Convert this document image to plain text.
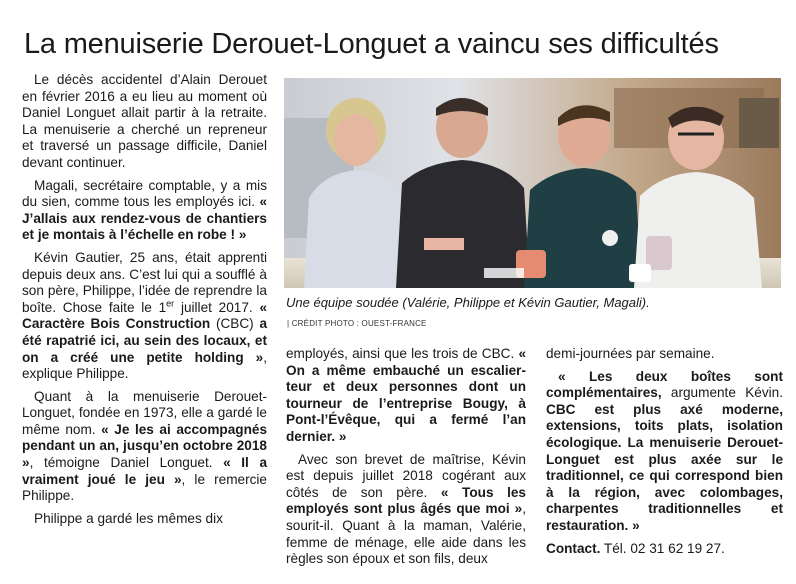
La menuiserie Derouet-Longuet a vaincu ses difficultés

Le décès accidentel d’Alain Derouet en février 2016 a eu lieu au moment où Daniel Longuet allait partir à la retraite. La menuiserie a cherché un repreneur et traversé un passage difficile, Daniel devant continuer.

Magali, secrétaire comptable, y a mis du sien, comme tous les employés ici. « J’allais aux rendez-vous de chantiers et je montais à l’échelle en robe ! »

Kévin Gautier, 25 ans, était apprenti depuis deux ans. C’est lui qui a soufflé à son père, Philippe, l’idée de reprendre la boîte. Chose faite le 1er juillet 2017. « Caractère Bois Construction (CBC) a été rapatrié ici, au sein des locaux, et on a créé une petite holding », explique Philippe.

Quant à la menuiserie Derouet-Longuet, fondée en 1973, elle a gardé le même nom. « Je les ai accompagnés pendant un an, jusqu’en octobre 2018 », témoigne Daniel Longuet. « Il a vraiment joué le jeu », le remercie Philippe.

Philippe a gardé les mêmes dix

Une équipe soudée (Valérie, Philippe et Kévin Gautier, Magali).
| CRÉDIT PHOTO : OUEST-FRANCE

employés, ainsi que les trois de CBC. « On a même embauché un escalier-teur et deux personnes dont un tourneur de l’entreprise Bougy, à Pont-l’Évêque, qui a fermé l’an dernier. »

Avec son brevet de maîtrise, Kévin est depuis juillet 2018 cogérant aux côtés de son père. « Tous les employés sont plus âgés que moi », sourit-il. Quant à la maman, Valérie, femme de ménage, elle aide dans les règles son époux et son fils, deux

demi-journées par semaine.

« Les deux boîtes sont complémentaires, argumente Kévin. CBC est plus axé moderne, extensions, toits plats, isolation écologique. La menuiserie Derouet-Longuet est plus axée sur le traditionnel, ce qui correspond bien à la région, avec colombages, charpentes traditionnelles et restauration. »

Contact. Tél. 02 31 62 19 27.
